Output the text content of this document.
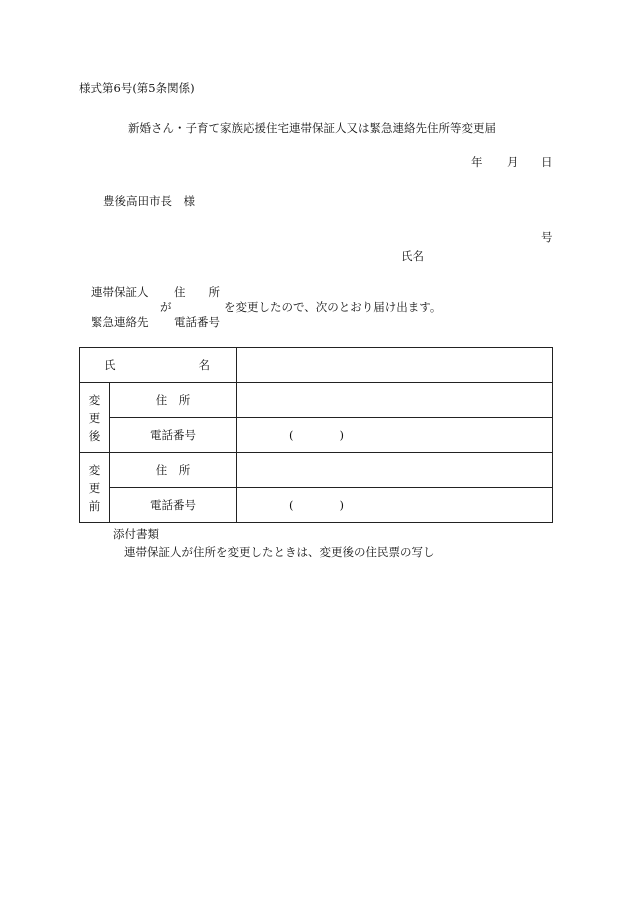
様式第6号(第5条関係)
新婚さん・子育て家族応援住宅連帯保証人又は緊急連絡先住所等変更届
年 月 日
豊後高田市長　様
号
氏名
連帯保証人 住　　所
が	を変更したので、次のとおり届け出ます。
緊急連絡先 電話番号
氏 名		

変
更
後	住　所	
	電話番号	( )

変
更
前	住　所	
	電話番号	( )
添付書類
連帯保証人が住所を変更したときは、変更後の住民票の写し
